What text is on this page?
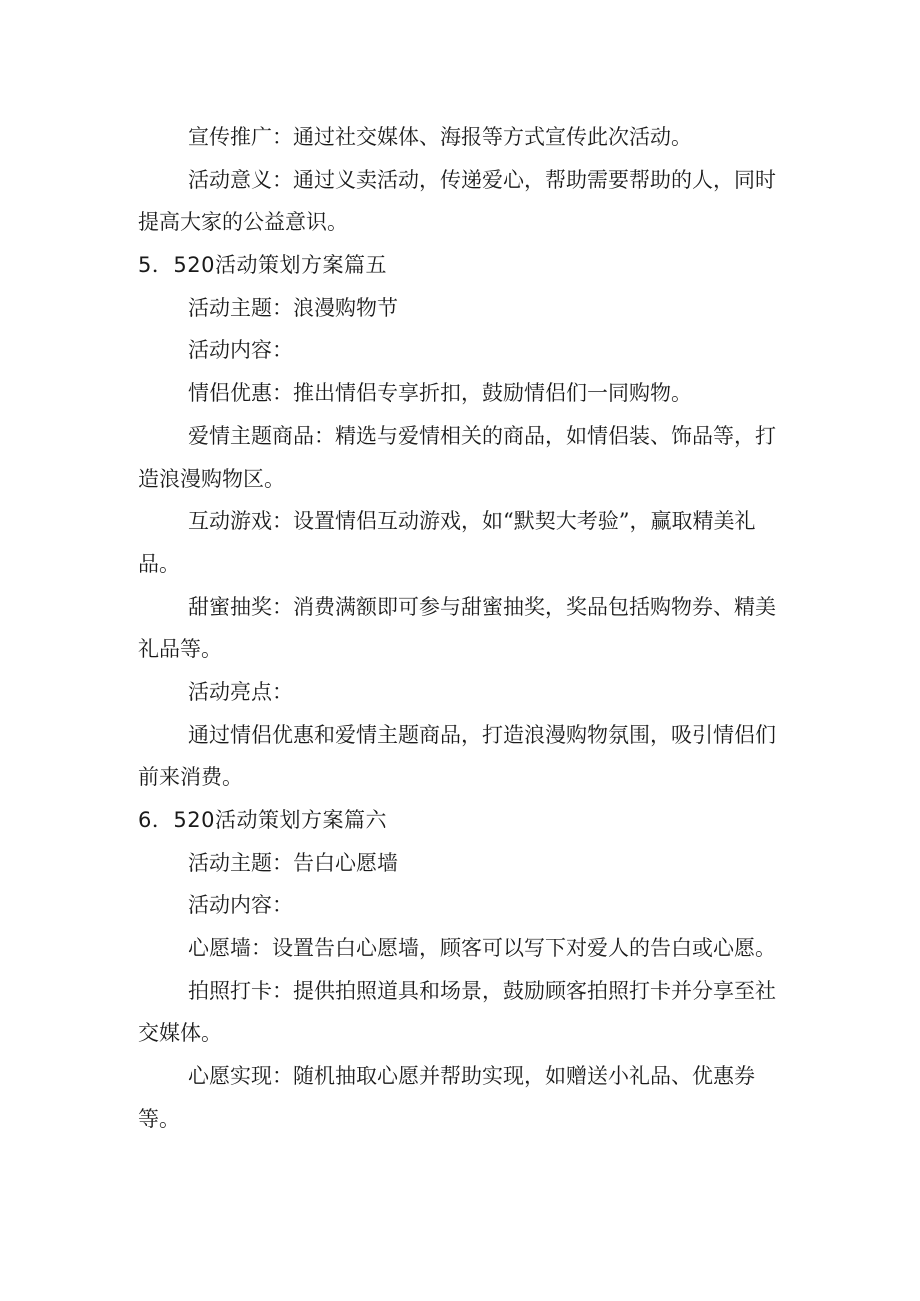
宣传推广：通过社交媒体、海报等方式宣传此次活动。

活动意义：通过义卖活动，传递爱心，帮助需要帮助的人，同时

提高大家的公益意识。

5．520活动策划方案篇五

活动主题：浪漫购物节

活动内容：

情侣优惠：推出情侣专享折扣，鼓励情侣们一同购物。

爱情主题商品：精选与爱情相关的商品，如情侣装、饰品等，打

造浪漫购物区。

互动游戏：设置情侣互动游戏，如“默契大考验”，赢取精美礼

品。

甜蜜抽奖：消费满额即可参与甜蜜抽奖，奖品包括购物券、精美

礼品等。

活动亮点：

通过情侣优惠和爱情主题商品，打造浪漫购物氛围，吸引情侣们

前来消费。

6．520活动策划方案篇六

活动主题：告白心愿墙

活动内容：

心愿墙：设置告白心愿墙，顾客可以写下对爱人的告白或心愿。

拍照打卡：提供拍照道具和场景，鼓励顾客拍照打卡并分享至社

交媒体。

心愿实现：随机抽取心愿并帮助实现，如赠送小礼品、优惠券

等。
